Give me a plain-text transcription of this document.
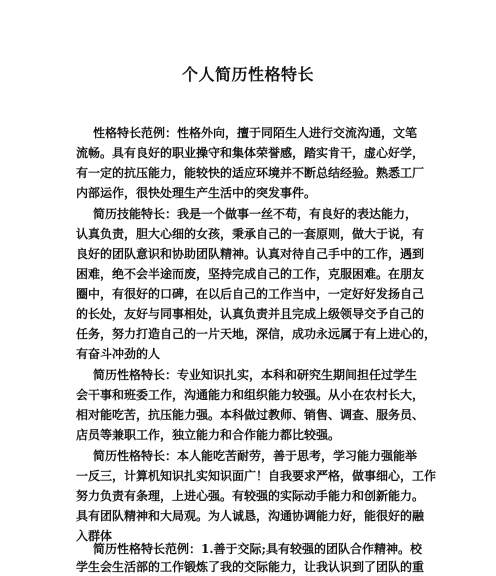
个人简历性格特长
性格特长范例：性格外向，擅于同陌生人进行交流沟通，文笔
流畅。具有良好的职业操守和集体荣誉感，踏实肯干，虚心好学，
有一定的抗压能力，能较快的适应环境并不断总结经验。熟悉工厂
内部运作，很快处理生产生活中的突发事件。
简历技能特长：我是一个做事一丝不苟，有良好的表达能力，
认真负责，胆大心细的女孩，秉承自己的一套原则，做大于说，有
良好的团队意识和协助团队精神。认真对待自己手中的工作，遇到
困难，绝不会半途而废，坚持完成自己的工作，克服困难。在朋友
圈中，有很好的口碑，在以后自己的工作当中，一定好好发扬自己
的长处，友好与同事相处，认真负责并且完成上级领导交予自己的
任务，努力打造自己的一片天地，深信，成功永远属于有上进心的，
有奋斗冲劲的人
简历性格特长：专业知识扎实，本科和研究生期间担任过学生
会干事和班委工作，沟通能力和组织能力较强。从小在农村长大，
相对能吃苦，抗压能力强。本科做过教师、销售、调查、服务员、
店员等兼职工作，独立能力和合作能力都比较强。
简历性格特长：本人能吃苦耐劳，善于思考，学习能力强能举
一反三，计算机知识扎实知识面广！自我要求严格，做事细心，工作
努力负责有条理，上进心强。有较强的实际动手能力和创新能力。
具有团队精神和大局观。为人诚恳，沟通协调能力好，能很好的融
入群体
简历性格特长范例：1.善于交际;具有较强的团队合作精神。校
学生会生活部的工作锻炼了我的交际能力，让我认识到了团队的重
